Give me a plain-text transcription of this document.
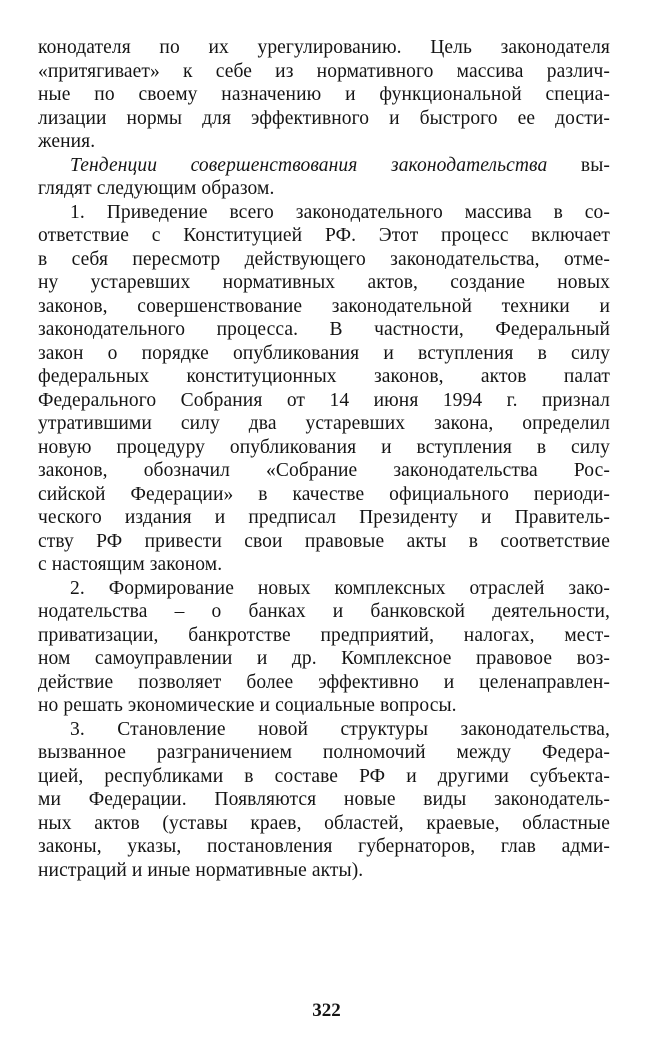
конодателя по их урегулированию. Цель законодателя
«притягивает» к себе из нормативного массива различ-
ные по своему назначению и функциональной специа-
лизации нормы для эффективного и быстрого ее дости-
жения.
Тенденции совершенствования законодательства вы-
глядят следующим образом.
1. Приведение всего законодательного массива в со-
ответствие с Конституцией РФ. Этот процесс включает
в себя пересмотр действующего законодательства, отме-
ну устаревших нормативных актов, создание новых
законов, совершенствование законодательной техники и
законодательного процесса. В частности, Федеральный
закон о порядке опубликования и вступления в силу
федеральных конституционных законов, актов палат
Федерального Собрания от 14 июня 1994 г. признал
утратившими силу два устаревших закона, определил
новую процедуру опубликования и вступления в силу
законов, обозначил «Собрание законодательства Рос-
сийской Федерации» в качестве официального периоди-
ческого издания и предписал Президенту и Правитель-
ству РФ привести свои правовые акты в соответствие
с настоящим законом.
2. Формирование новых комплексных отраслей зако-
нодательства – о банках и банковской деятельности,
приватизации, банкротстве предприятий, налогах, мест-
ном самоуправлении и др. Комплексное правовое воз-
действие позволяет более эффективно и целенаправлен-
но решать экономические и социальные вопросы.
3. Становление новой структуры законодательства,
вызванное разграничением полномочий между Федера-
цией, республиками в составе РФ и другими субъекта-
ми Федерации. Появляются новые виды законодатель-
ных актов (уставы краев, областей, краевые, областные
законы, указы, постановления губернаторов, глав адми-
нистраций и иные нормативные акты).
322
